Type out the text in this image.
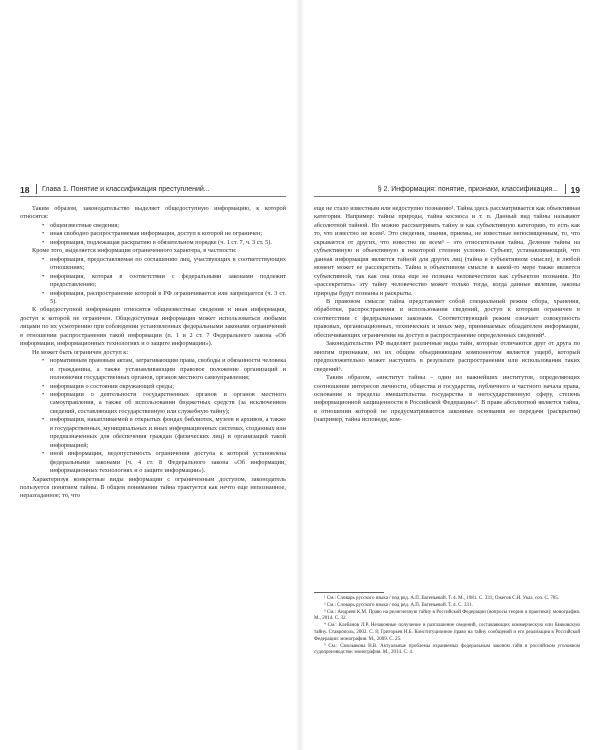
18 Глава 1. Понятие и классификация преступлений...

Таким образом, законодательство выделяет общедоступную информацию, к которой относятся:

• общеизвестные сведения;
• иная свободно распространяемая информация, доступ к которой не ограничен;
• информация, подлежащая раскрытию в обязательном порядке (ч. 1 ст. 7, ч. 3 ст. 5).

Кроме того, выделяется информация ограниченного характера, в частности:

• информация, предоставляемая по соглашению лиц, участвующих в соответствующих отношениях;
• информация, которая в соответствии с федеральными законами подлежит предоставлению;
• информация, распространение которой в РФ ограничивается или запрещается (ч. 3 ст. 5).

К общедоступной информации относятся общеизвестные сведения и иная информация, доступ к которой не ограничен. Общедоступная информация может использоваться любыми лицами по их усмотрению при соблюдении установленных федеральными законами ограничений в отношении распространения такой информации (п. 1 и 2 ст. 7 Федерального закона «Об информации, информационных технологиях и о защите информации»).

Не может быть ограничен доступ к:

• нормативным правовым актам, затрагивающим права, свободы и обязанности человека и гражданина, а также устанавливающим правовое положение организаций и полномочия государственных органов, органов местного самоуправления;
• информации о состоянии окружающей среды;
• информации о деятельности государственных органов и органов местного самоуправления, а также об использовании бюджетных средств (за исключением сведений, составляющих государственную или служебную тайну);
• информации, накапливаемой в открытых фондах библиотек, музеев и архивов, а также в государственных, муниципальных и иных информационных системах, созданных или предназначенных для обеспечения граждан (физических лиц) и организаций такой информацией;
• иной информации, недопустимость ограничения доступа к которой установлена федеральными законами (ч. 4 ст. 8 Федерального закона «Об информации, информационных технологиях и о защите информации»).

Характеризуя конкретные виды информации с ограниченным доступом, законодатель пользуется понятием тайны. В общем понимании тайна трактуется как нечто еще непознанное, неразгаданное; то, что

§ 2. Информация: понятие, признаки, классификация... 19

еще не стало известным или недоступно познанию¹. Тайна здесь рассматривается как объективная категория. Например: тайны природы, тайна космоса и т. п. Данный вид тайны называют абсолютной тайной. Но можно рассматривать тайну и как субъективную категорию, то есть как то, что известно не всем². Это сведения, знания, приемы, не известные непосвященным, то, что скрывается от других, что известно не всем³ – это относительная тайна. Деление тайны на субъективную и объективную в некоторой степени условно. Субъект, устанавливающий, что данная информация является тайной для других лиц (тайна в субъективном смысле), в любой момент может ее рассекретить. Тайна в объективном смысле в какой-то мере также является субъективной, так как она пока еще не познана человечеством как субъектом познания. Но «рассекретить» эту тайну человечество может только тогда, когда данные явления, законы природы будут познаны и раскрыты.

В правовом смысле тайна представляет собой специальный режим сбора, хранения, обработки, распространения и использования сведений, доступ к которым ограничен в соответствии с федеральными законами. Соответствующий режим означает совокупность правовых, организационных, технических и иных мер, принимаемых обладателем информации, обеспечивающих ограничения на доступ и распространение определенных сведений⁴.

Законодательство РФ выделяет различные виды тайн, которые отличаются друг от друга по многим признакам, но их общим объединяющим компонентом является ущерб, который предположительно может наступить в результате распространения или использования таких сведений⁵.

Таким образом, «институт тайны – один из важнейших институтов, определяющих соотношение интересов личности, общества и государства, публичного и частного начала права, основания и пределы вмешательства государства в негосударственную сферу, степень информационной защищенности в Российской Федерации»⁶. В праве абсолютной является тайна, в отношении которой не предусматриваются законные основания ее передачи (раскрытия) (например, тайна исповеди, ком-

¹ См.: Словарь русского языка / под ред. А.П. Евгеньевой. Т. 4. М., 1981. С. 331; Ожегов С.И. Указ. соч. С. 785.

² См.: Словарь русского языка / под ред. А.П. Евгеньевой. Т. 4. С. 331.

³ См.: Андреев К.М. Право на религиозную тайну в Российской Федерации (вопросы теории и практики): монография. М., 2014. С. 32.

⁴ См.: Клебанов Л.Р. Незаконные получение и разглашение сведений, составляющих коммерческую или банковскую тайну. Ставрополь, 2002. С. 8; Григорьев Н.Б. Конституционное право на тайну сообщений и его реализация в Российской Федерации: монография. М., 2009. С. 25.

⁵ См.: Смольякова Н.В. Актуальные проблемы охраняемых федеральным законом тайн в российском уголовном судопроизводстве: монография. М., 2014. С. 4.
